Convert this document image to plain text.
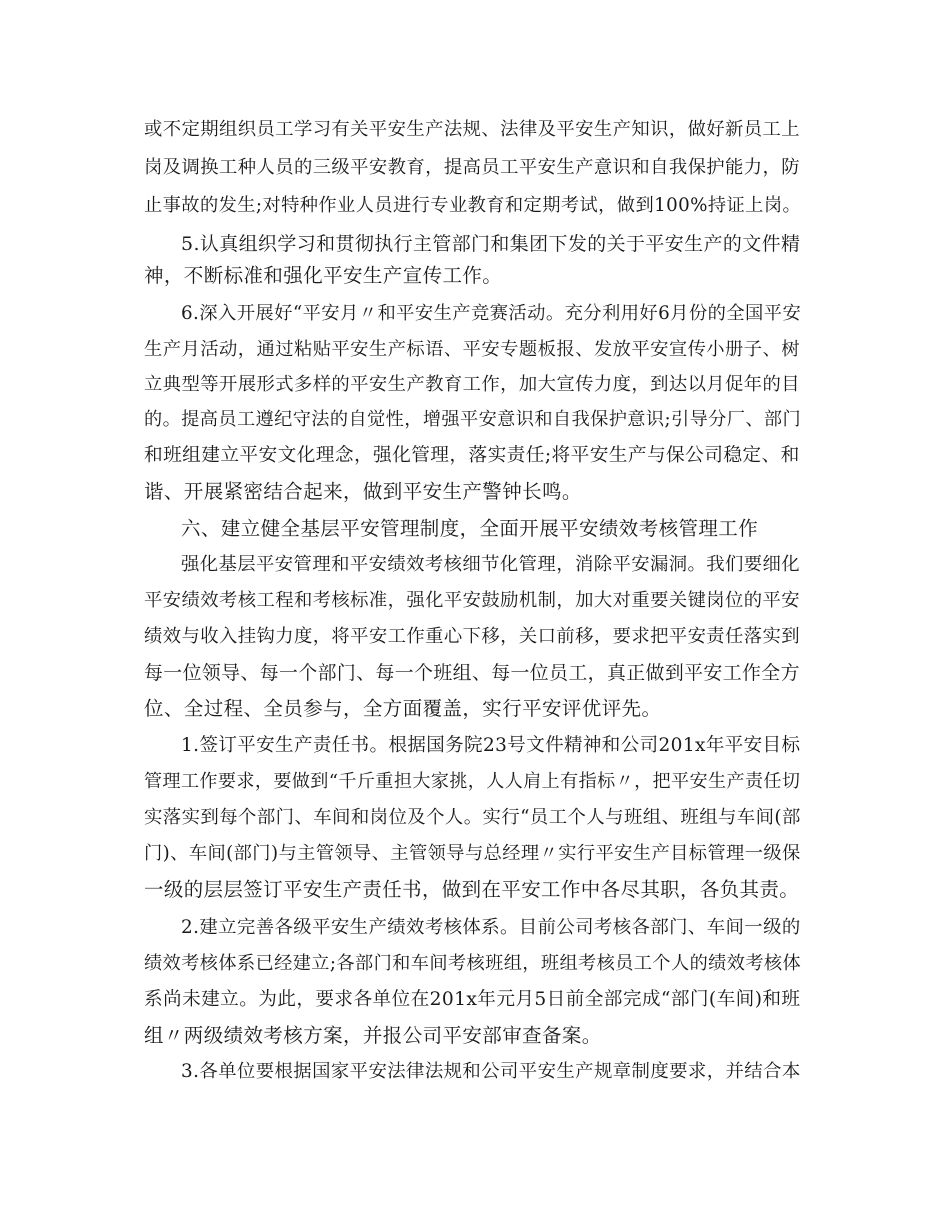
或不定期组织员工学习有关平安生产法规、法律及平安生产知识，做好新员工上
岗及调换工种人员的三级平安教育，提高员工平安生产意识和自我保护能力，防
止事故的发生;对特种作业人员进行专业教育和定期考试，做到100%持证上岗。
5.认真组织学习和贯彻执行主管部门和集团下发的关于平安生产的文件精
神，不断标准和强化平安生产宣传工作。
6.深入开展好“平安月〃和平安生产竞赛活动。充分利用好6月份的全国平安
生产月活动，通过粘贴平安生产标语、平安专题板报、发放平安宣传小册子、树
立典型等开展形式多样的平安生产教育工作，加大宣传力度，到达以月促年的目
的。提高员工遵纪守法的自觉性，增强平安意识和自我保护意识;引导分厂、部门
和班组建立平安文化理念，强化管理，落实责任;将平安生产与保公司稳定、和
谐、开展紧密结合起来，做到平安生产警钟长鸣。
六、建立健全基层平安管理制度，全面开展平安绩效考核管理工作
强化基层平安管理和平安绩效考核细节化管理，消除平安漏洞。我们要细化
平安绩效考核工程和考核标准，强化平安鼓励机制，加大对重要关键岗位的平安
绩效与收入挂钩力度，将平安工作重心下移，关口前移，要求把平安责任落实到
每一位领导、每一个部门、每一个班组、每一位员工，真正做到平安工作全方
位、全过程、全员参与，全方面覆盖，实行平安评优评先。
1.签订平安生产责任书。根据国务院23号文件精神和公司201x年平安目标
管理工作要求，要做到“千斤重担大家挑，人人肩上有指标〃，把平安生产责任切
实落实到每个部门、车间和岗位及个人。实行“员工个人与班组、班组与车间(部
门)、车间(部门)与主管领导、主管领导与总经理〃实行平安生产目标管理一级保
一级的层层签订平安生产责任书，做到在平安工作中各尽其职，各负其责。
2.建立完善各级平安生产绩效考核体系。目前公司考核各部门、车间一级的
绩效考核体系已经建立;各部门和车间考核班组，班组考核员工个人的绩效考核体
系尚未建立。为此，要求各单位在201x年元月5日前全部完成“部门(车间)和班
组〃两级绩效考核方案，并报公司平安部审查备案。
3.各单位要根据国家平安法律法规和公司平安生产规章制度要求，并结合本
